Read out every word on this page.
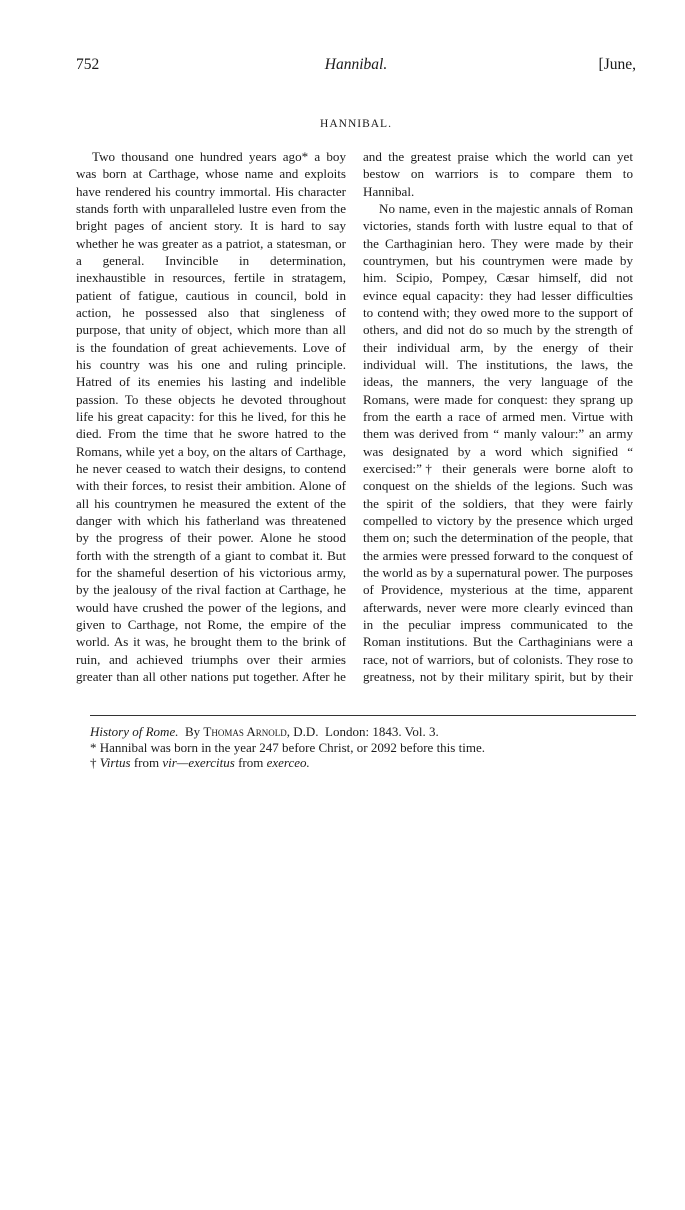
752	Hannibal.	[June,
HANNIBAL.

Two thousand one hundred years ago* a boy was born at Carthage, whose name and exploits have rendered his country immortal. His character stands forth with unparalleled lustre even from the bright pages of ancient story. It is hard to say whether he was greater as a patriot, a statesman, or a general. Invincible in determination, inexhaustible in resources, fertile in stratagem, patient of fatigue, cautious in council, bold in action, he possessed also that singleness of purpose, that unity of object, which more than all is the foundation of great achievements. Love of his country was his one and ruling principle. Hatred of its enemies his lasting and indelible passion. To these objects he devoted throughout life his great capacity: for this he lived, for this he died. From the time that he swore hatred to the Romans, while yet a boy, on the altars of Carthage, he never ceased to watch their designs, to contend with their forces, to resist their ambition. Alone of all his countrymen he measured the extent of the danger with which his fatherland was threatened by the progress of their power. Alone he stood forth with the strength of a giant to combat it. But for the shameful desertion of his victorious army, by the jealousy of the rival faction at Carthage, he would have crushed the power of the legions, and given to Carthage, not Rome, the empire of the world. As it was, he brought them to the brink of ruin, and achieved triumphs over their armies greater than all other nations put together. After he

and the greatest praise which the world can yet bestow on warriors is to compare them to Hannibal.

No name, even in the majestic annals of Roman victories, stands forth with lustre equal to that of the Carthaginian hero. They were made by their countrymen, but his countrymen were made by him. Scipio, Pompey, Cæsar himself, did not evince equal capacity: they had lesser difficulties to contend with; they owed more to the support of others, and did not do so much by the strength of their individual arm, by the energy of their individual will. The institutions, the laws, the ideas, the manners, the very language of the Romans, were made for conquest: they sprang up from the earth a race of armed men. Virtue with them was derived from “ manly valour:” an army was designated by a word which signified “ exercised:”† their generals were borne aloft to conquest on the shields of the legions. Such was the spirit of the soldiers, that they were fairly compelled to victory by the presence which urged them on; such the determination of the people, that the armies were pressed forward to the conquest of the world as by a supernatural power. The purposes of Providence, mysterious at the time, apparent afterwards, never were more clearly evinced than in the peculiar impress communicated to the Roman institutions. But the Carthaginians were a race, not of warriors, but of colonists. They rose to greatness, not by their military spirit, but by their

History of Rome. By Thomas Arnold, D.D. London: 1843. Vol. 3.
* Hannibal was born in the year 247 before Christ, or 2092 before this time.
† Virtus from vir—exercitus from exerceo.
